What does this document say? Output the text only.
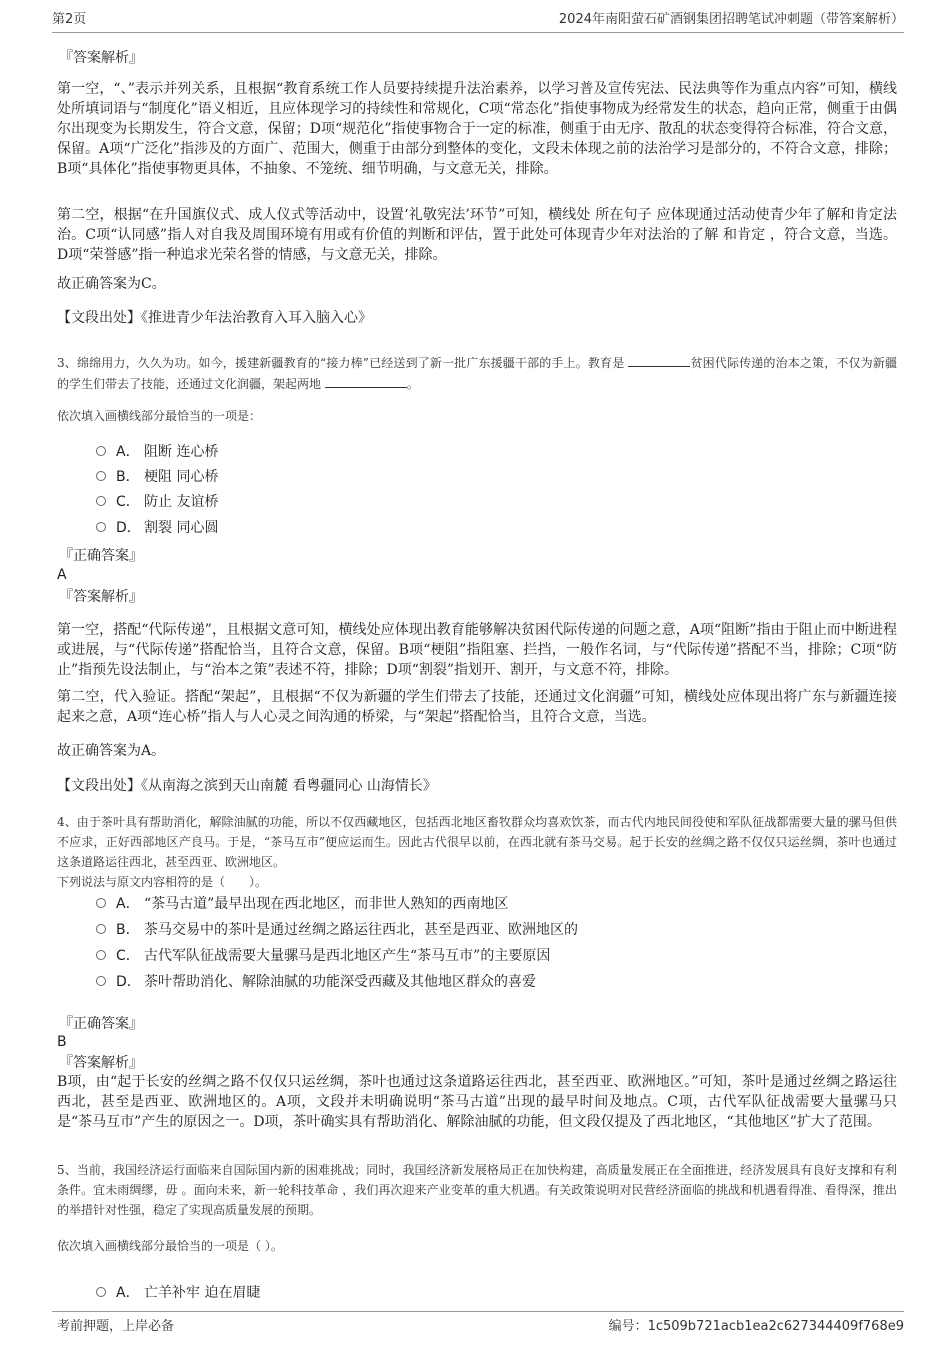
第2页	2024年南阳萤石矿酒钢集团招聘笔试冲刺题（带答案解析）
『答案解析』
第一空，“、”表示并列关系，且根据“教育系统工作人员要持续提升法治素养，以学习普及宣传宪法、民法典等作为重点内容”可知，横线处所填词语与“制度化”语义相近，且应体现学习的持续性和常规化，C项“常态化”指使事物成为经常发生的状态，趋向正常，侧重于由偶尔出现变为长期发生，符合文意，保留；D项“规范化”指使事物合于一定的标准，侧重于由无序、散乱的状态变得符合标准，符合文意，保留。A项“广泛化”指涉及的方面广、范围大，侧重于由部分到整体的变化，文段未体现之前的法治学习是部分的，不符合文意，排除；B项“具体化”指使事物更具体，不抽象、不笼统、细节明确，与文意无关，排除。
第二空，根据“在升国旗仪式、成人仪式等活动中，设置‘礼敬宪法’环节”可知，横线处 所在句子 应体现通过活动使青少年了解和肯定法治。C项“认同感”指人对自我及周围环境有用或有价值的判断和评估，置于此处可体现青少年对法治的了解 和肯定 ，符合文意，当选。D项“荣誉感”指一种追求光荣名誉的情感，与文意无关，排除。
故正确答案为C。
【文段出处】《推进青少年法治教育入耳入脑入心》
3、绵绵用力，久久为功。如今，援建新疆教育的“接力棒”已经送到了新一批广东援疆干部的手上。教育是	贫困代际传递的治本之策，不仅为新疆的学生们带去了技能，还通过文化润疆，架起两地	。
依次填入画横线部分最恰当的一项是：
A． 阻断 连心桥
B． 梗阻 同心桥
C． 防止 友谊桥
D． 割裂 同心圆
『正确答案』
A
『答案解析』
第一空，搭配“代际传递”，且根据文意可知，横线处应体现出教育能够解决贫困代际传递的问题之意，A项“阻断”指由于阻止而中断进程或进展，与“代际传递”搭配恰当，且符合文意，保留。B项“梗阻”指阻塞、拦挡，一般作名词，与“代际传递”搭配不当，排除；C项“防止”指预先设法制止，与“治本之策”表述不符，排除；D项“割裂”指划开、割开，与文意不符，排除。
第二空，代入验证。搭配“架起”，且根据“不仅为新疆的学生们带去了技能，还通过文化润疆”可知，横线处应体现出将广东与新疆连接起来之意，A项“连心桥”指人与人心灵之间沟通的桥梁，与“架起”搭配恰当，且符合文意，当选。
故正确答案为A。
【文段出处】《从南海之滨到天山南麓 看粤疆同心 山海情长》
4、由于茶叶具有帮助消化，解除油腻的功能，所以不仅西藏地区，包括西北地区畜牧群众均喜欢饮茶，而古代内地民间役使和军队征战都需要大量的骡马但供不应求，正好西部地区产良马。于是，“茶马互市”便应运而生。因此古代很早以前，在西北就有茶马交易。起于长安的丝绸之路不仅仅只运丝绸，茶叶也通过这条道路运往西北，甚至西亚、欧洲地区。
下列说法与原文内容相符的是（　　）。
A． “茶马古道”最早出现在西北地区，而非世人熟知的西南地区
B． 茶马交易中的茶叶是通过丝绸之路运往西北，甚至是西亚、欧洲地区的
C． 古代军队征战需要大量骡马是西北地区产生“茶马互市”的主要原因
D． 茶叶帮助消化、解除油腻的功能深受西藏及其他地区群众的喜爱
『正确答案』
B
『答案解析』
B项，由“起于长安的丝绸之路不仅仅只运丝绸，茶叶也通过这条道路运往西北，甚至西亚、欧洲地区。”可知，茶叶是通过丝绸之路运往西北，甚至是西亚、欧洲地区的。A项，文段并未明确说明“茶马古道”出现的最早时间及地点。C项，古代军队征战需要大量骡马只是“茶马互市”产生的原因之一。D项，茶叶确实具有帮助消化、解除油腻的功能，但文段仅提及了西北地区，“其他地区”扩大了范围。
5、当前，我国经济运行面临来自国际国内新的困难挑战；同时，我国经济新发展格局正在加快构建，高质量发展正在全面推进，经济发展具有良好支撑和有利条件。宜未雨绸缪，毋 。面向未来，新一轮科技革命 ，我们再次迎来产业变革的重大机遇。有关政策说明对民营经济面临的挑战和机遇看得准、看得深，推出的举措针对性强，稳定了实现高质量发展的预期。
依次填入画横线部分最恰当的一项是（ ）。
A． 亡羊补牢 迫在眉睫
考前押题，上岸必备	编号：1c509b721acb1ea2c627344409f768e9
